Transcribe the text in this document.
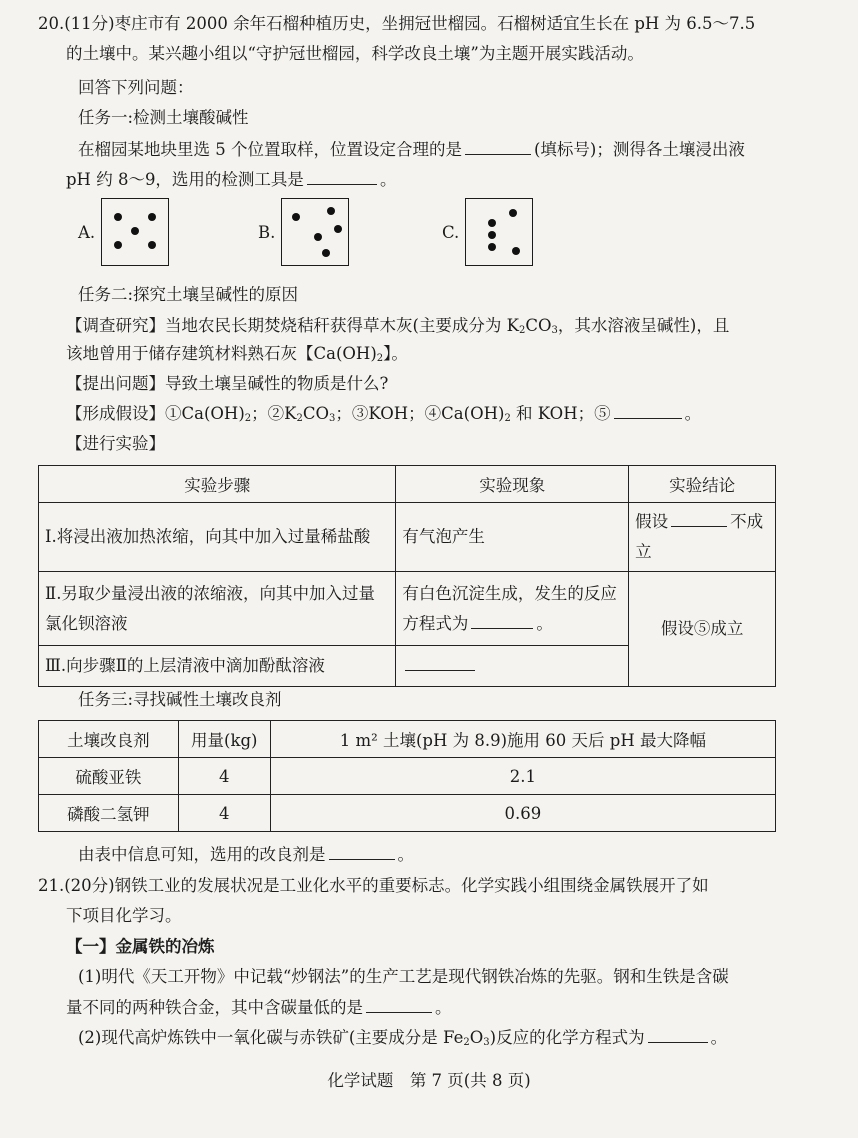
20.(11分)枣庄市有 2000 余年石榴种植历史，坐拥冠世榴园。石榴树适宜生长在 pH 为 6.5～7.5
的土壤中。某兴趣小组以“守护冠世榴园，科学改良土壤”为主题开展实践活动。
回答下列问题：
任务一:检测土壤酸碱性
在榴园某地块里选 5 个位置取样，位置设定合理的是	(填标号)；测得各土壤浸出液
pH 约 8～9，选用的检测工具是	。
A.	B.	C.
任务二:探究土壤呈碱性的原因
【调查研究】当地农民长期焚烧秸秆获得草木灰(主要成分为 $K_2CO_3$，其水溶液呈碱性)，且
该地曾用于储存建筑材料熟石灰【$Ca(OH)_2$】。
【提出问题】导致土壤呈碱性的物质是什么?
【形成假设】$①Ca(OH)_2$；$②K_2CO_3$；③KOH；$④Ca(OH)_2$ 和 KOH；⑤	。
【进行实验】
实验步骤	实验现象	实验结论
Ⅰ.将浸出液加热浓缩，向其中加入过量稀盐酸	有气泡产生	假设 不成立
Ⅱ.另取少量浸出液的浓缩液，向其中加入过量氯化钡溶液	有白色沉淀生成，发生的反应方程式为 。	假设⑤成立
Ⅲ.向步骤Ⅱ的上层清液中滴加酚酞溶液		
任务三:寻找碱性土壤改良剂
土壤改良剂	用量(kg)	1 m² 土壤(pH 为 8.9)施用 60 天后 pH 最大降幅
硫酸亚铁	4	2.1
磷酸二氢钾	4	0.69
由表中信息可知，选用的改良剂是	。
21.(20分)钢铁工业的发展状况是工业化水平的重要标志。化学实践小组围绕金属铁展开了如
下项目化学习。
【一】金属铁的冶炼
(1)明代《天工开物》中记载“炒钢法”的生产工艺是现代钢铁冶炼的先驱。钢和生铁是含碳
量不同的两种铁合金，其中含碳量低的是	。
(2)现代高炉炼铁中一氧化碳与赤铁矿(主要成分是 $Fe_2O_3$)反应的化学方程式为	。
化学试题　第 7 页(共 8 页)
